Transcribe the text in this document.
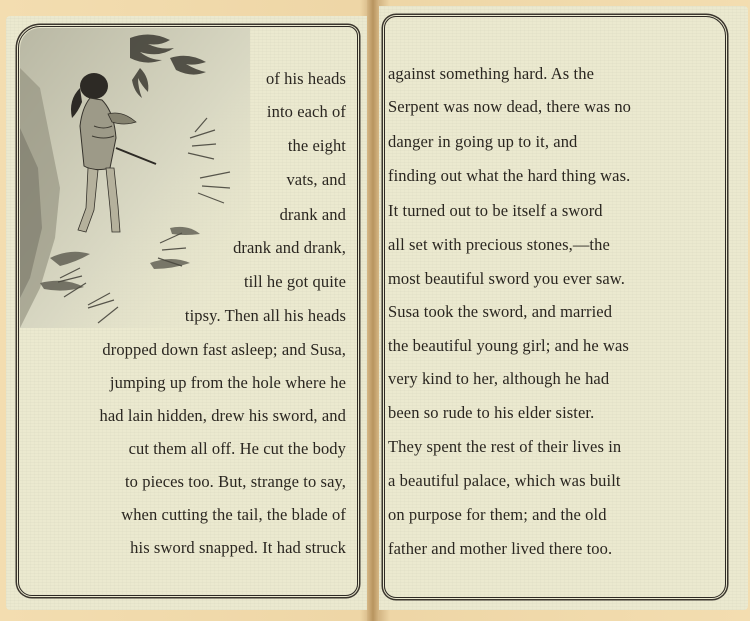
of his heads
into each of
the eight
vats, and
drank and
drank and drank,
till he got quite
tipsy. Then all his heads
dropped down fast asleep; and Susa,
jumping up from the hole where he
had lain hidden, drew his sword, and
cut them all off. He cut the body
to pieces too. But, strange to say,
when cutting the tail, the blade of
his sword snapped. It had struck
against something hard. As the
Serpent was now dead, there was no
danger in going up to it, and
finding out what the hard thing was.
It turned out to be itself a sword
all set with precious stones,—the
most beautiful sword you ever saw.
Susa took the sword, and married
the beautiful young girl; and he was
very kind to her, although he had
been so rude to his elder sister.
They spent the rest of their lives in
a beautiful palace, which was built
on purpose for them; and the old
father and mother lived there too.
